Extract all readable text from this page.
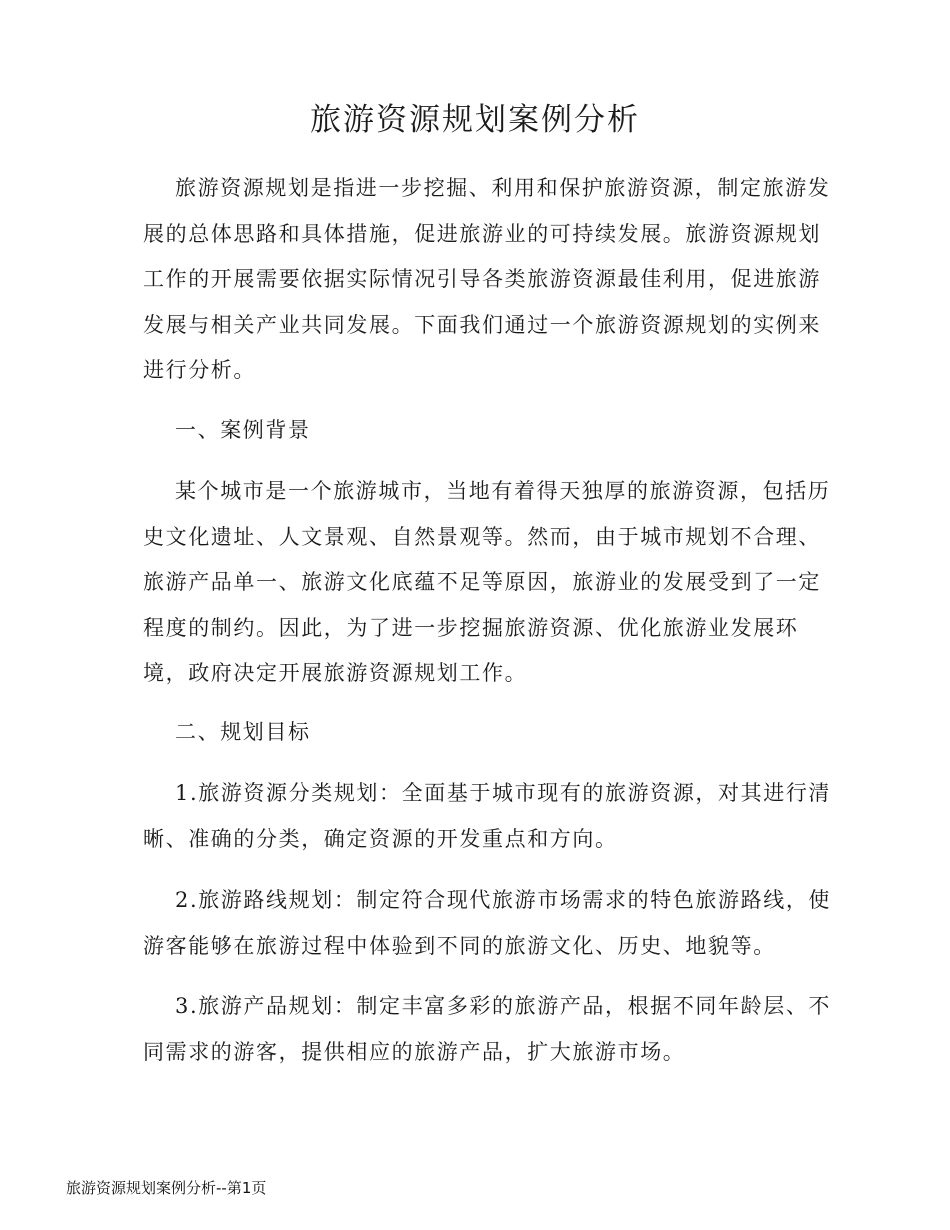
旅游资源规划案例分析

旅游资源规划是指进一步挖掘、利用和保护旅游资源，制定旅游发展的总体思路和具体措施，促进旅游业的可持续发展。旅游资源规划工作的开展需要依据实际情况引导各类旅游资源最佳利用，促进旅游发展与相关产业共同发展。下面我们通过一个旅游资源规划的实例来进行分析。

一、案例背景

某个城市是一个旅游城市，当地有着得天独厚的旅游资源，包括历史文化遗址、人文景观、自然景观等。然而，由于城市规划不合理、旅游产品单一、旅游文化底蕴不足等原因，旅游业的发展受到了一定程度的制约。因此，为了进一步挖掘旅游资源、优化旅游业发展环境，政府决定开展旅游资源规划工作。

二、规划目标

1.旅游资源分类规划：全面基于城市现有的旅游资源，对其进行清晰、准确的分类，确定资源的开发重点和方向。

2.旅游路线规划：制定符合现代旅游市场需求的特色旅游路线，使游客能够在旅游过程中体验到不同的旅游文化、历史、地貌等。

3.旅游产品规划：制定丰富多彩的旅游产品，根据不同年龄层、不同需求的游客，提供相应的旅游产品，扩大旅游市场。

旅游资源规划案例分析--第1页
